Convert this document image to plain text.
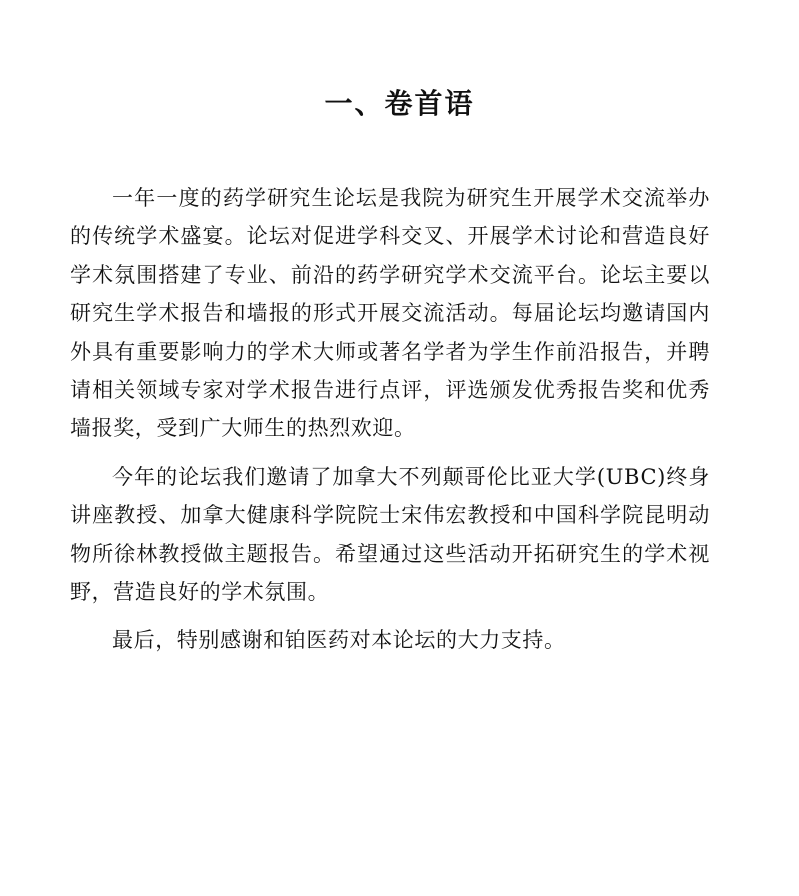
一、卷首语

一年一度的药学研究生论坛是我院为研究生开展学术交流举办的传统学术盛宴。论坛对促进学科交叉、开展学术讨论和营造良好学术氛围搭建了专业、前沿的药学研究学术交流平台。论坛主要以研究生学术报告和墙报的形式开展交流活动。每届论坛均邀请国内外具有重要影响力的学术大师或著名学者为学生作前沿报告，并聘请相关领域专家对学术报告进行点评，评选颁发优秀报告奖和优秀墙报奖，受到广大师生的热烈欢迎。

今年的论坛我们邀请了加拿大不列颠哥伦比亚大学(UBC)终身讲座教授、加拿大健康科学院院士宋伟宏教授和中国科学院昆明动物所徐林教授做主题报告。希望通过这些活动开拓研究生的学术视野，营造良好的学术氛围。

最后，特别感谢和铂医药对本论坛的大力支持。
